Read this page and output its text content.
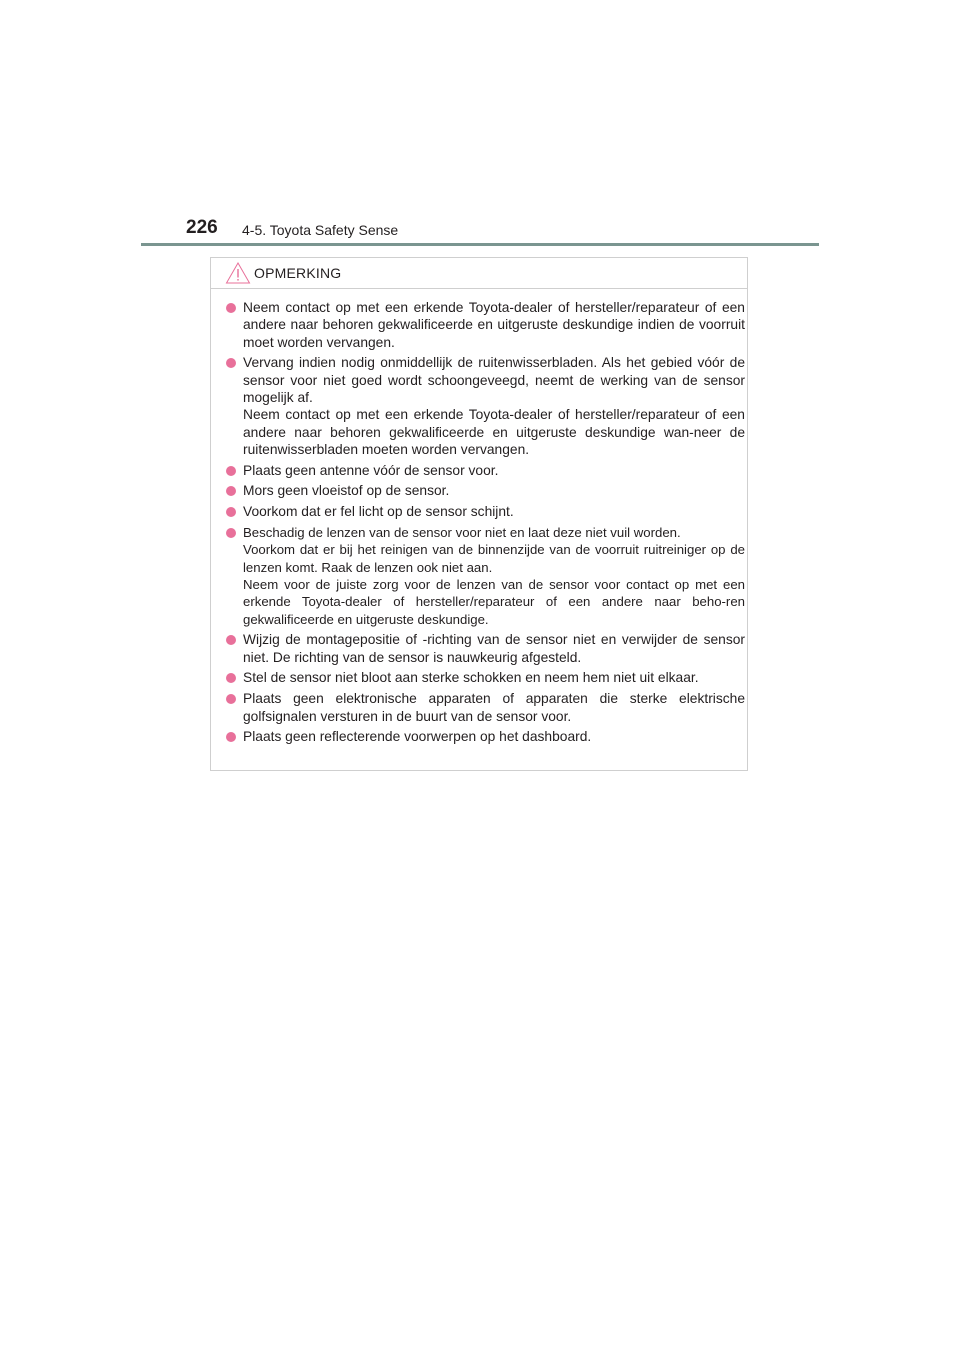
226 4-5. Toyota Safety Sense
OPMERKING

Neem contact op met een erkende Toyota-dealer of hersteller/reparateur of een andere naar behoren gekwalificeerde en uitgeruste deskundige indien de voorruit moet worden vervangen.

Vervang indien nodig onmiddellijk de ruitenwisserbladen. Als het gebied vóór de sensor voor niet goed wordt schoongeveegd, neemt de werking van de sensor mogelijk af.

Neem contact op met een erkende Toyota-dealer of hersteller/reparateur of een andere naar behoren gekwalificeerde en uitgeruste deskundige wan-neer de ruitenwisserbladen moeten worden vervangen.

Plaats geen antenne vóór de sensor voor.

Mors geen vloeistof op de sensor.

Voorkom dat er fel licht op de sensor schijnt.

Beschadig de lenzen van de sensor voor niet en laat deze niet vuil worden.

Voorkom dat er bij het reinigen van de binnenzijde van de voorruit ruitreiniger op de lenzen komt. Raak de lenzen ook niet aan.

Neem voor de juiste zorg voor de lenzen van de sensor voor contact op met een erkende Toyota-dealer of hersteller/reparateur of een andere naar beho-ren gekwalificeerde en uitgeruste deskundige.

Wijzig de montagepositie of -richting van de sensor niet en verwijder de sensor niet. De richting van de sensor is nauwkeurig afgesteld.

Stel de sensor niet bloot aan sterke schokken en neem hem niet uit elkaar.

Plaats geen elektronische apparaten of apparaten die sterke elektrische golfsignalen versturen in de buurt van de sensor voor.

Plaats geen reflecterende voorwerpen op het dashboard.
